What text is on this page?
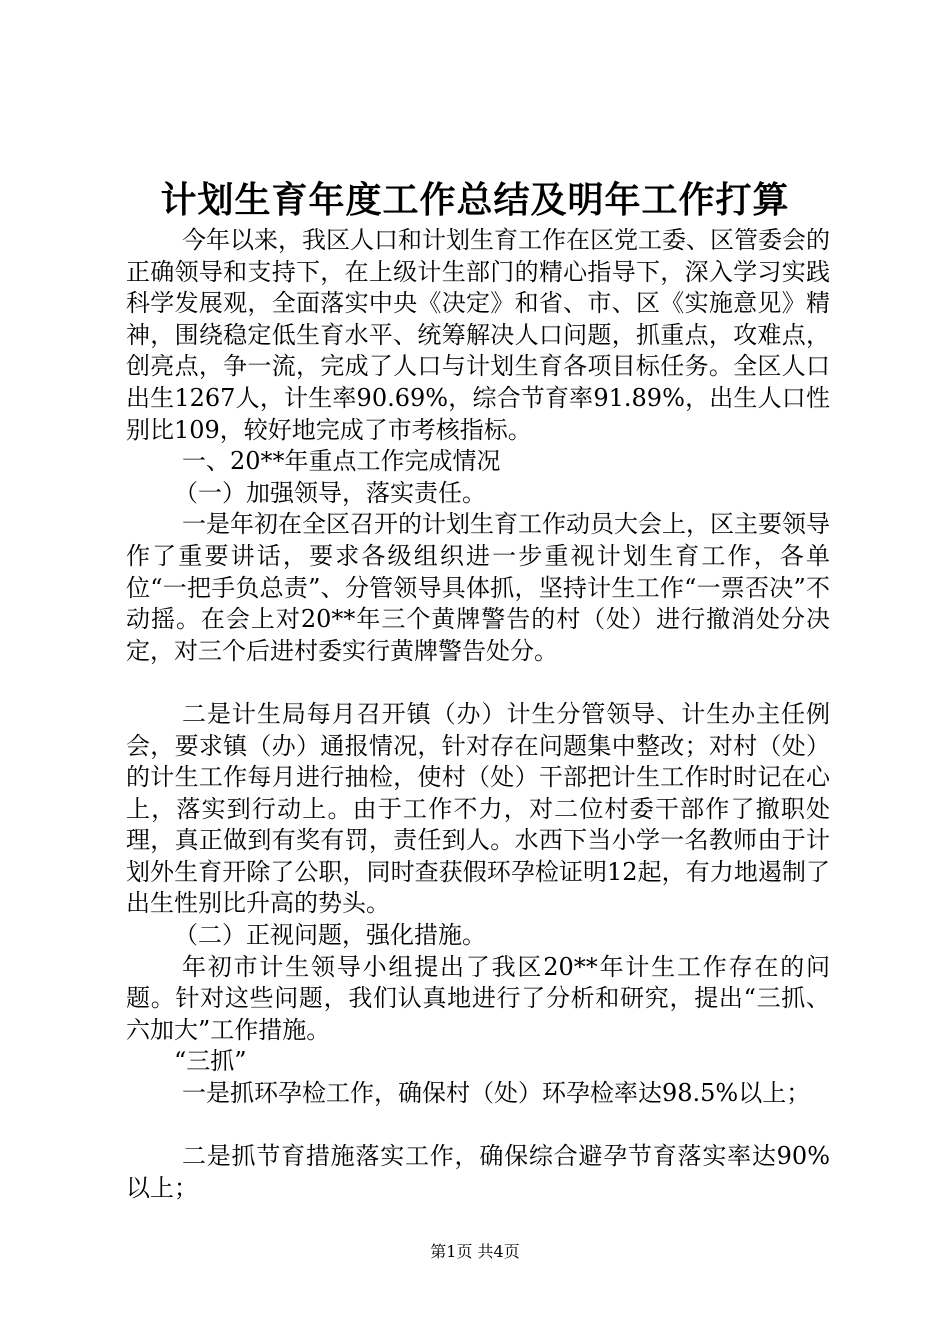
计划生育年度工作总结及明年工作打算

今年以来，我区人口和计划生育工作在区党工委、区管委会的正确领导和支持下，在上级计生部门的精心指导下，深入学习实践科学发展观，全面落实中央《决定》和省、市、区《实施意见》精神，围绕稳定低生育水平、统筹解决人口问题，抓重点，攻难点，创亮点，争一流，完成了人口与计划生育各项目标任务。全区人口出生1267人，计生率90.69%，综合节育率91.89%，出生人口性别比109，较好地完成了市考核指标。

一、20**年重点工作完成情况

（一）加强领导，落实责任。

一是年初在全区召开的计划生育工作动员大会上，区主要领导作了重要讲话，要求各级组织进一步重视计划生育工作，各单位“一把手负总责”、分管领导具体抓，坚持计生工作“一票否决”不动摇。在会上对20**年三个黄牌警告的村（处）进行撤消处分决定，对三个后进村委实行黄牌警告处分。

二是计生局每月召开镇（办）计生分管领导、计生办主任例会，要求镇（办）通报情况，针对存在问题集中整改；对村（处）的计生工作每月进行抽检，使村（处）干部把计生工作时时记在心上，落实到行动上。由于工作不力，对二位村委干部作了撤职处理，真正做到有奖有罚，责任到人。水西下当小学一名教师由于计划外生育开除了公职，同时查获假环孕检证明12起，有力地遏制了出生性别比升高的势头。

（二）正视问题，强化措施。

年初市计生领导小组提出了我区20**年计生工作存在的问题。针对这些问题，我们认真地进行了分析和研究，提出“三抓、六加大”工作措施。

“三抓”

一是抓环孕检工作，确保村（处）环孕检率达98.5%以上；

二是抓节育措施落实工作，确保综合避孕节育落实率达90%以上；

第1页 共4页
